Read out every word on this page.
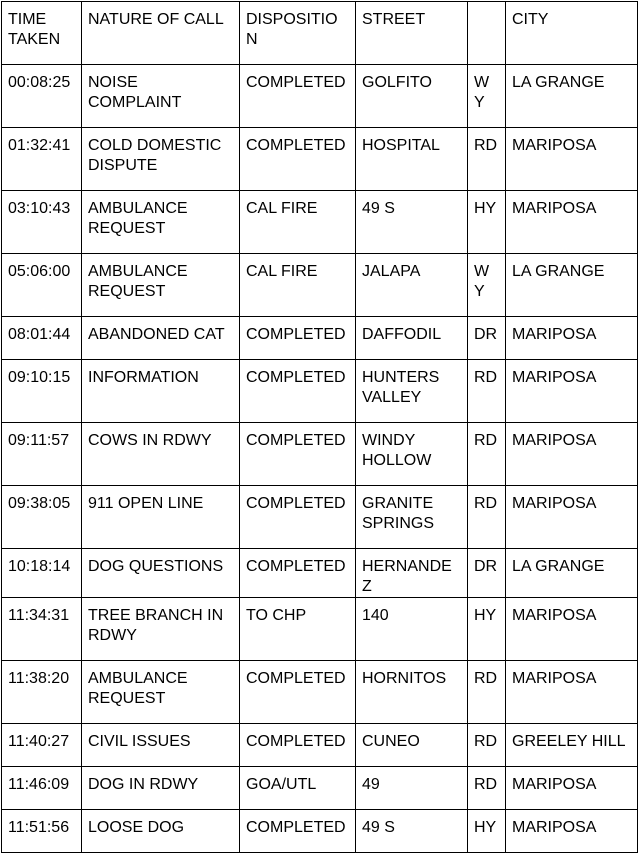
TIME TAKEN	NATURE OF CALL	DISPOSITION	STREET		CITY
00:08:25	NOISE COMPLAINT	COMPLETED	GOLFITO	WY	LA GRANGE
01:32:41	COLD DOMESTIC DISPUTE	COMPLETED	HOSPITAL	RD	MARIPOSA
03:10:43	AMBULANCE REQUEST	CAL FIRE	49 S	HY	MARIPOSA
05:06:00	AMBULANCE REQUEST	CAL FIRE	JALAPA	WY	LA GRANGE
08:01:44	ABANDONED CAT	COMPLETED	DAFFODIL	DR	MARIPOSA
09:10:15	INFORMATION	COMPLETED	HUNTERS VALLEY	RD	MARIPOSA
09:11:57	COWS IN RDWY	COMPLETED	WINDY HOLLOW	RD	MARIPOSA
09:38:05	911 OPEN LINE	COMPLETED	GRANITE SPRINGS	RD	MARIPOSA
10:18:14	DOG QUESTIONS	COMPLETED	HERNANDEZ	DR	LA GRANGE
11:34:31	TREE BRANCH IN RDWY	TO CHP	140	HY	MARIPOSA
11:38:20	AMBULANCE REQUEST	COMPLETED	HORNITOS	RD	MARIPOSA
11:40:27	CIVIL ISSUES	COMPLETED	CUNEO	RD	GREELEY HILL
11:46:09	DOG IN RDWY	GOA/UTL	49	RD	MARIPOSA
11:51:56	LOOSE DOG	COMPLETED	49 S	HY	MARIPOSA
